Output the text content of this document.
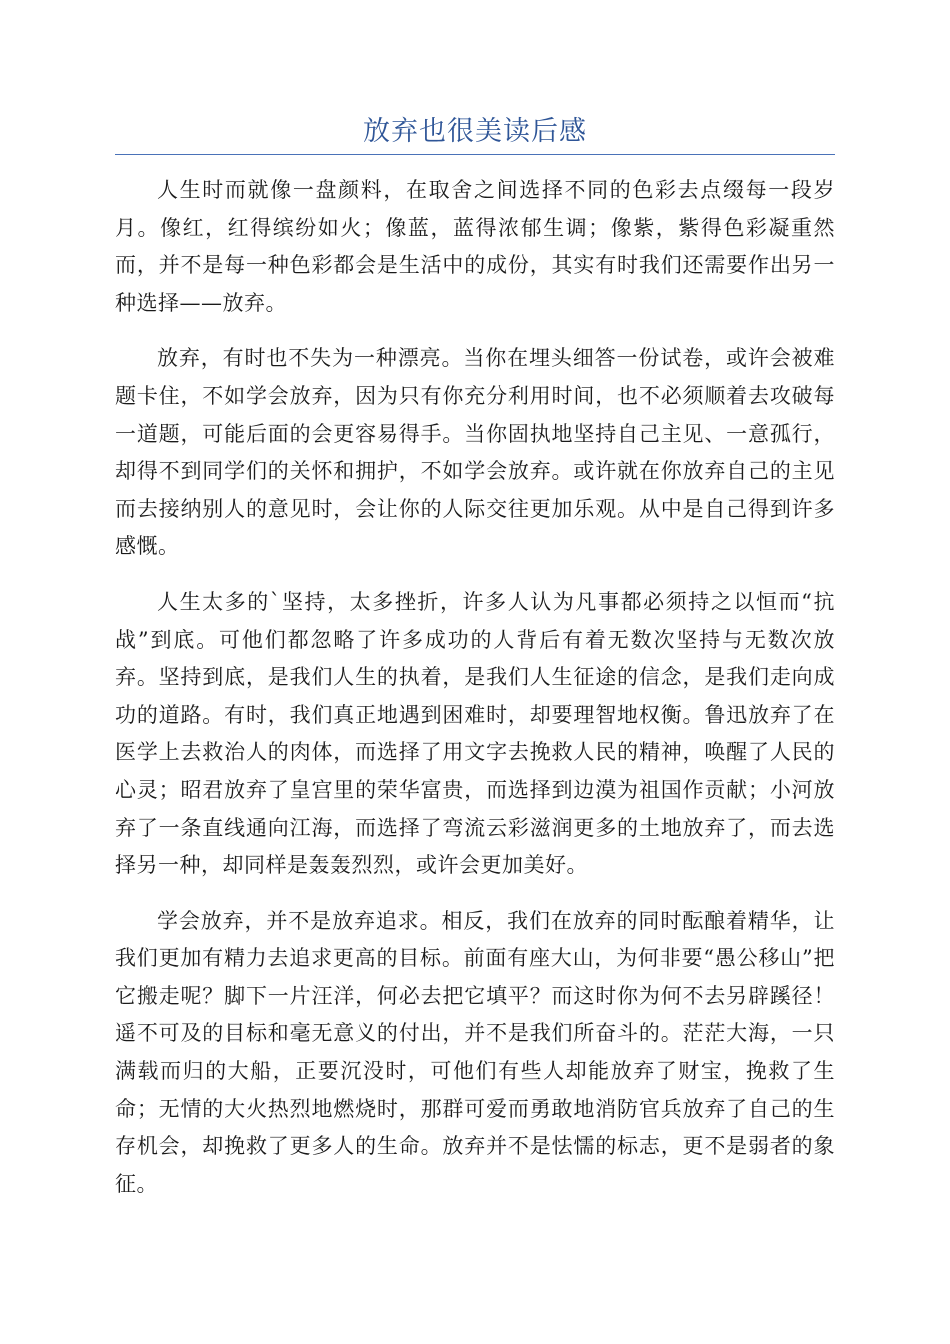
放弃也很美读后感

人生时而就像一盘颜料，在取舍之间选择不同的色彩去点缀每一段岁月。像红，红得缤纷如火；像蓝，蓝得浓郁生调；像紫，紫得色彩凝重然而，并不是每一种色彩都会是生活中的成份，其实有时我们还需要作出另一种选择——放弃。

放弃，有时也不失为一种漂亮。当你在埋头细答一份试卷，或许会被难题卡住，不如学会放弃，因为只有你充分利用时间，也不必须顺着去攻破每一道题，可能后面的会更容易得手。当你固执地坚持自己主见、一意孤行，却得不到同学们的关怀和拥护，不如学会放弃。或许就在你放弃自己的主见而去接纳别人的意见时，会让你的人际交往更加乐观。从中是自己得到许多感慨。

人生太多的`坚持，太多挫折，许多人认为凡事都必须持之以恒而“抗战”到底。可他们都忽略了许多成功的人背后有着无数次坚持与无数次放弃。坚持到底，是我们人生的执着，是我们人生征途的信念，是我们走向成功的道路。有时，我们真正地遇到困难时，却要理智地权衡。鲁迅放弃了在医学上去救治人的肉体，而选择了用文字去挽救人民的精神，唤醒了人民的心灵；昭君放弃了皇宫里的荣华富贵，而选择到边漠为祖国作贡献；小河放弃了一条直线通向江海，而选择了弯流云彩滋润更多的土地放弃了，而去选择另一种，却同样是轰轰烈烈，或许会更加美好。

学会放弃，并不是放弃追求。相反，我们在放弃的同时酝酿着精华，让我们更加有精力去追求更高的目标。前面有座大山，为何非要“愚公移山”把它搬走呢？脚下一片汪洋，何必去把它填平？而这时你为何不去另辟蹊径！遥不可及的目标和毫无意义的付出，并不是我们所奋斗的。茫茫大海，一只满载而归的大船，正要沉没时，可他们有些人却能放弃了财宝，挽救了生命；无情的大火热烈地燃烧时，那群可爱而勇敢地消防官兵放弃了自己的生存机会，却挽救了更多人的生命。放弃并不是怯懦的标志，更不是弱者的象征。
